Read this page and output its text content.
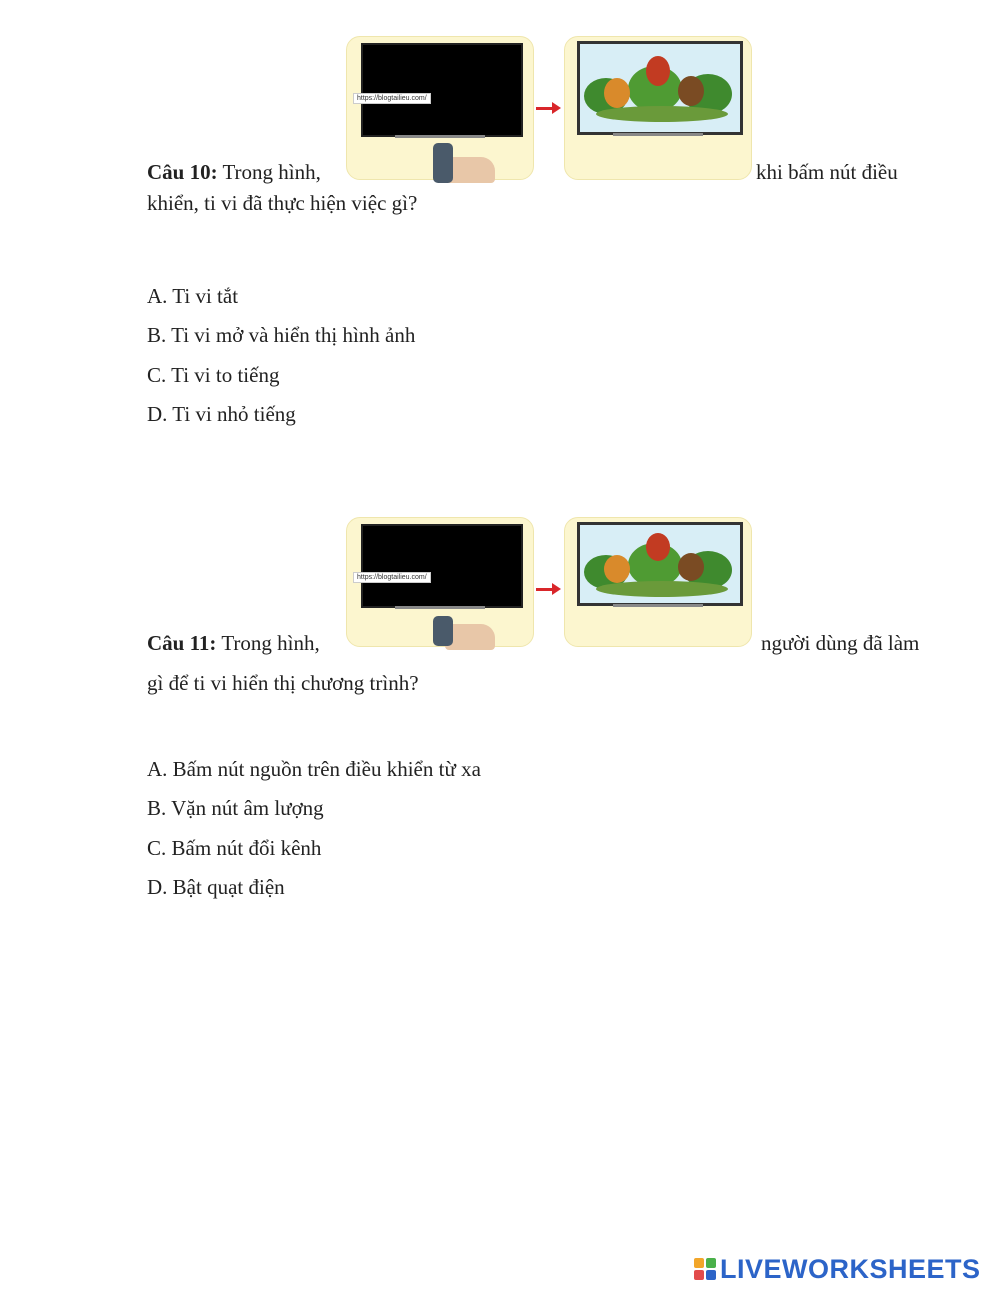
https://blogtailieu.com/
Câu 10: Trong hình,	khi bấm nút điều
khiển, ti vi đã thực hiện việc gì?
A. Ti vi tắt
B. Ti vi mở và hiển thị hình ảnh
C. Ti vi to tiếng
D. Ti vi nhỏ tiếng
https://blogtailieu.com/
Câu 11: Trong hình,	người dùng đã làm
gì để ti vi hiển thị chương trình?
A. Bấm nút nguồn trên điều khiển từ xa
B. Vặn nút âm lượng
C. Bấm nút đổi kênh
D. Bật quạt điện
LIVEWORKSHEETS
